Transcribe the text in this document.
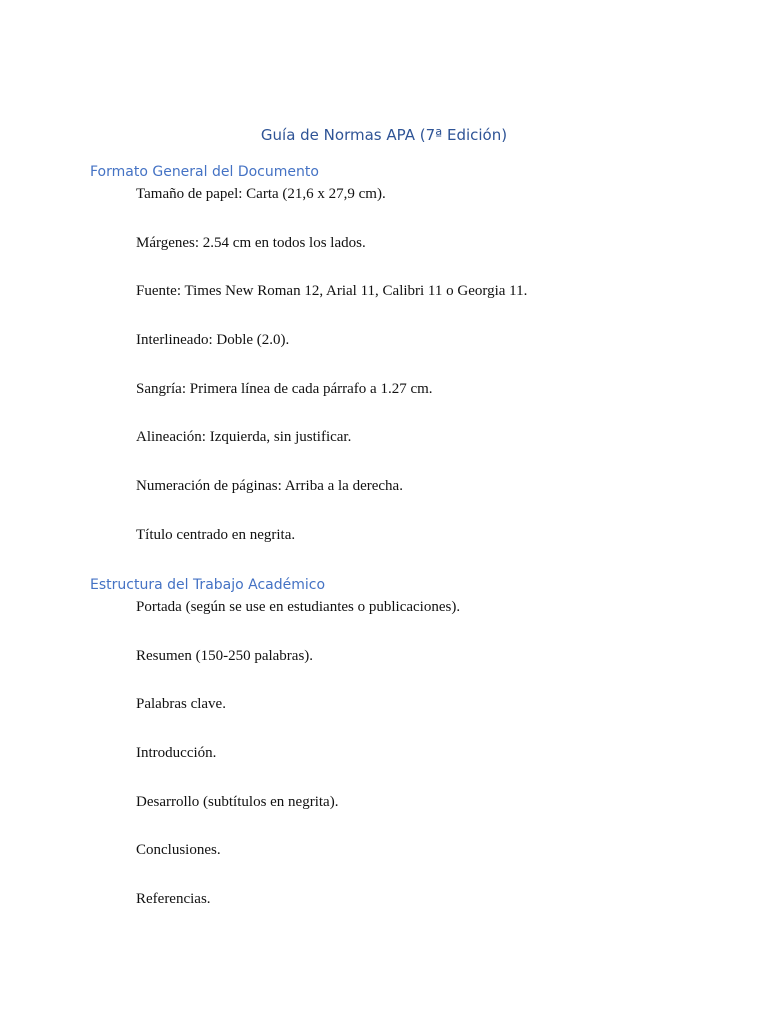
Guía de Normas APA (7ª Edición)
Formato General del Documento

Tamaño de papel: Carta (21,6 x 27,9 cm).

Márgenes: 2.54 cm en todos los lados.

Fuente: Times New Roman 12, Arial 11, Calibri 11 o Georgia 11.

Interlineado: Doble (2.0).

Sangría: Primera línea de cada párrafo a 1.27 cm.

Alineación: Izquierda, sin justificar.

Numeración de páginas: Arriba a la derecha.

Título centrado en negrita.

Estructura del Trabajo Académico

Portada (según se use en estudiantes o publicaciones).

Resumen (150-250 palabras).

Palabras clave.

Introducción.

Desarrollo (subtítulos en negrita).

Conclusiones.

Referencias.
